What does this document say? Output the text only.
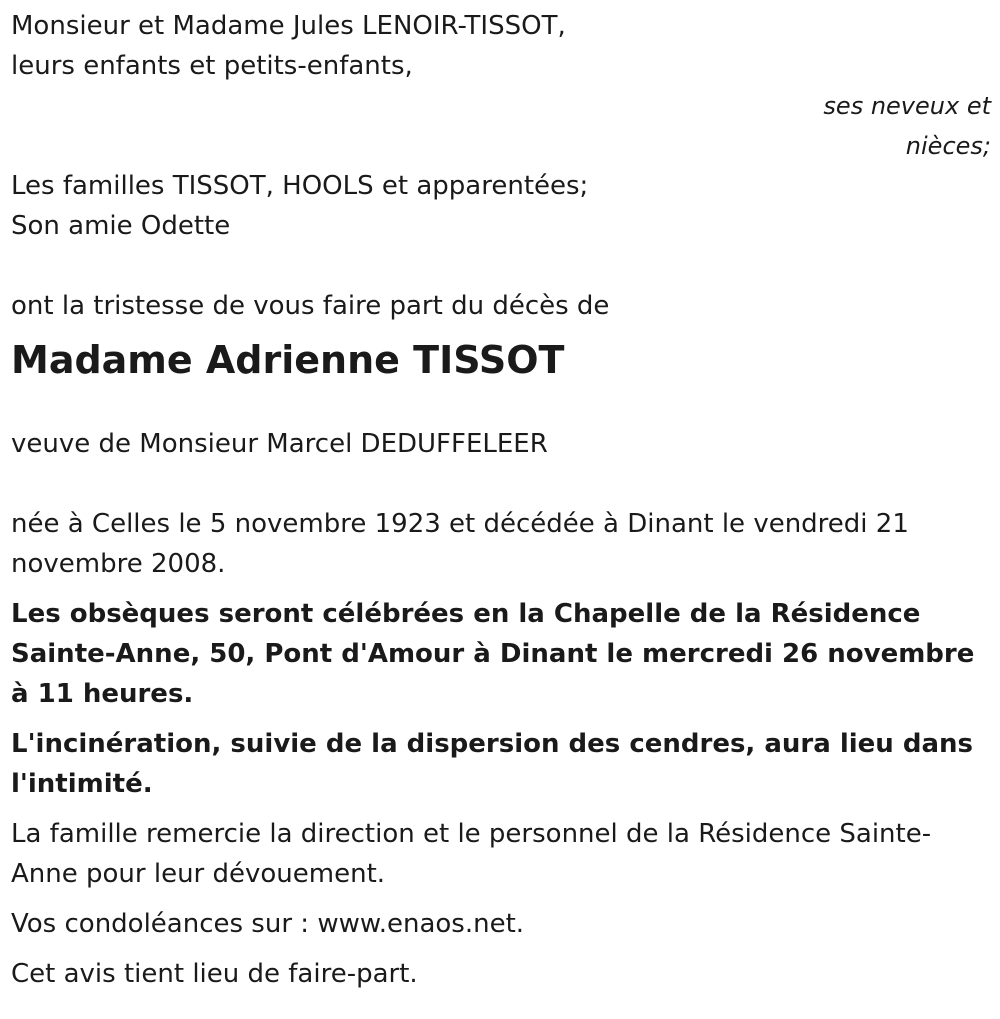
Monsieur et Madame Jules LENOIR-TISSOT,
leurs enfants et petits-enfants,
ses neveux et
nièces;
Les familles TISSOT, HOOLS et apparentées;
Son amie Odette
ont la tristesse de vous faire part du décès de
Madame Adrienne TISSOT
veuve de Monsieur Marcel DEDUFFELEER

née à Celles le 5 novembre 1923 et décédée à Dinant le vendredi 21 novembre 2008.

Les obsèques seront célébrées en la Chapelle de la Résidence Sainte-Anne, 50, Pont d'Amour à Dinant le mercredi 26 novembre à 11 heures.

L'incinération, suivie de la dispersion des cendres, aura lieu dans l'intimité.

La famille remercie la direction et le personnel de la Résidence Sainte-Anne pour leur dévouement.

Vos condoléances sur : www.enaos.net.

Cet avis tient lieu de faire-part.
